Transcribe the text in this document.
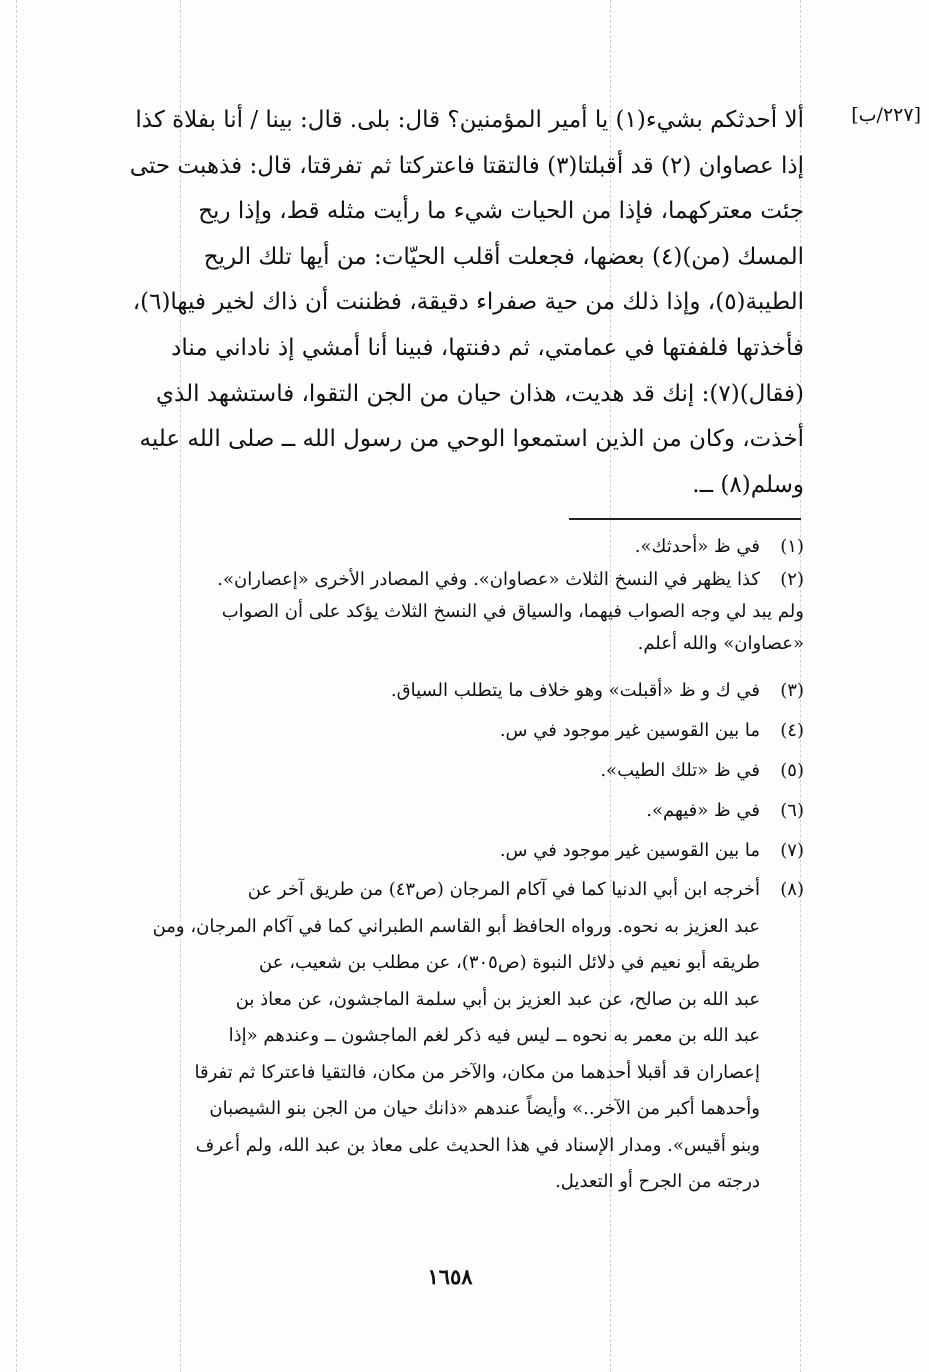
[٢٢٧/ب]
ألا أحدثكم بشيء(١) يا أمير المؤمنين؟ قال: بلى. قال: بينا / أنا بفلاة كذا
إذا عصاوان (٢) قد أقبلتا(٣) فالتقتا فاعتركتا ثم تفرقتا، قال: فذهبت حتى
جئت معتركهما، فإذا من الحيات شيء ما رأيت مثله قط، وإذا ريح
المسك (من)(٤) بعضها، فجعلت أقلب الحيّات: من أيها تلك الريح
الطيبة(٥)، وإذا ذلك من حية صفراء دقيقة، فظننت أن ذاك لخير فيها(٦)،
فأخذتها فلففتها في عمامتي، ثم دفنتها، فبينا أنا أمشي إذ ناداني مناد
(فقال)(٧): إنك قد هديت، هذان حيان من الجن التقوا، فاستشهد الذي
أخذت، وكان من الذين استمعوا الوحي من رسول الله ــ صلى الله عليه
وسلم(٨) ــ.
(١)
في ظ «أحدثك».
(٢)
كذا يظهر في النسخ الثلاث «عصاوان». وفي المصادر الأخرى «إعصاران».
ولم يبد لي وجه الصواب فيهما، والسياق في النسخ الثلاث يؤكد على أن الصواب
«عصاوان» والله أعلم.
(٣)
في ك و ظ «أقبلت» وهو خلاف ما يتطلب السياق.
(٤)
ما بين القوسين غير موجود في س.
(٥)
في ظ «تلك الطيب».
(٦)
في ظ «فيهم».
(٧)
ما بين القوسين غير موجود في س.
(٨)
أخرجه ابن أبي الدنيا كما في آكام المرجان (ص٤٣) من طريق آخر عن
عبد العزيز به نحوه. ورواه الحافظ أبو القاسم الطبراني كما في آكام المرجان، ومن
طريقه أبو نعيم في دلائل النبوة (ص٣٠٥)، عن مطلب بن شعيب، عن
عبد الله بن صالح، عن عبد العزيز بن أبي سلمة الماجشون، عن معاذ بن
عبد الله بن معمر به نحوه ــ ليس فيه ذكر لغم الماجشون ــ وعندهم «إذا
إعصاران قد أقبلا أحدهما من مكان، والآخر من مكان، فالتقيا فاعتركا ثم تفرقا
وأحدهما أكبر من الآخر..» وأيضاً عندهم «ذانك حيان من الجن بنو الشيصبان
وبنو أقيس». ومدار الإسناد في هذا الحديث على معاذ بن عبد الله، ولم أعرف
درجته من الجرح أو التعديل.
١٦٥٨
